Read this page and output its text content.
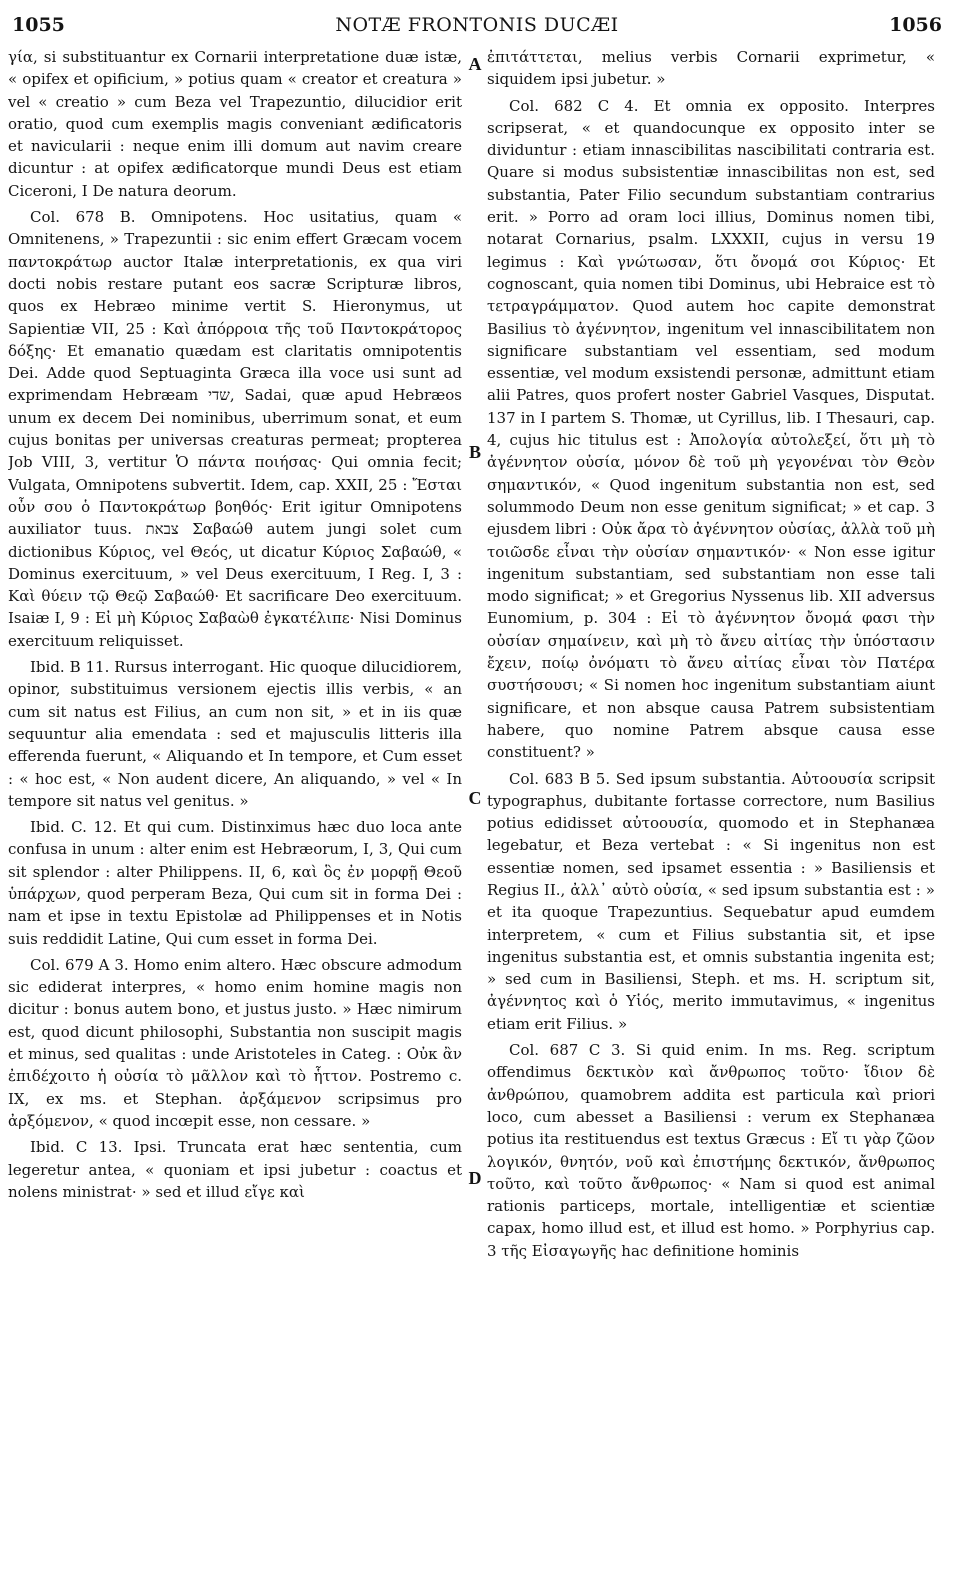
1055	NOTÆ FRONTONIS DUCÆI	1056

γία, si substituantur ex Cornarii interpretatione duæ istæ, « opifex et opificium, » potius quam « creator et creatura » vel « creatio » cum Beza vel Trapezuntio, dilucidior erit oratio, quod cum exemplis magis conveniant ædificatoris et navicularii : neque enim illi domum aut navim creare dicuntur : at opifex ædificatorque mundi Deus est etiam Ciceroni, I De natura deorum.

Col. 678 B. Omnipotens. Hoc usitatius, quam « Omnitenens, » Trapezuntii : sic enim effert Græcam vocem παντοκράτωρ auctor Italæ interpretationis, ex qua viri docti nobis restare putant eos sacræ Scripturæ libros, quos ex Hebræo minime vertit S. Hieronymus, ut Sapientiæ VII, 25 : Καὶ ἀπόρροια τῆς τοῦ Παντοκράτορος δόξης· Et emanatio quædam est claritatis omnipotentis Dei. Adde quod Septuaginta Græca illa voce usi sunt ad exprimendam Hebræam שדי, Sadai, quæ apud Hebræos unum ex decem Dei nominibus, uberrimum sonat, et eum cujus bonitas per universas creaturas permeat; propterea Job VIII, 3, vertitur Ὁ πάντα ποιήσας· Qui omnia fecit; Vulgata, Omnipotens subvertit. Idem, cap. XXII, 25 : Ἔσται οὖν σου ὁ Παντοκράτωρ βοηθός· Erit igitur Omnipotens auxiliator tuus. צבאת Σαβαώθ autem jungi solet cum dictionibus Κύριος, vel Θεός, ut dicatur Κύριος Σαβαώθ, « Dominus exercituum, » vel Deus exercituum, I Reg. I, 3 : Καὶ θύειν τῷ Θεῷ Σαβαώθ· Et sacrificare Deo exercituum. Isaiæ I, 9 : Εἰ μὴ Κύριος Σαβαὼθ ἐγκατέλιπε· Nisi Dominus exercituum reliquisset.

Ibid. B 11. Rursus interrogant. Hic quoque dilucidiorem, opinor, substituimus versionem ejectis illis verbis, « an cum sit natus est Filius, an cum non sit, » et in iis quæ sequuntur alia emendata : sed et majusculis litteris illa efferenda fuerunt, « Aliquando et In tempore, et Cum esset : « hoc est, « Non audent dicere, An aliquando, » vel « In tempore sit natus vel genitus. »

Ibid. C. 12. Et qui cum. Distinximus hæc duo loca ante confusa in unum : alter enim est Hebræorum, I, 3, Qui cum sit splendor : alter Philippens. II, 6, καὶ ὃς ἐν μορφῇ Θεοῦ ὑπάρχων, quod perperam Beza, Qui cum sit in forma Dei : nam et ipse in textu Epistolæ ad Philippenses et in Notis suis reddidit Latine, Qui cum esset in forma Dei.

Col. 679 A 3. Homo enim altero. Hæc obscure admodum sic ediderat interpres, « homo enim homine magis non dicitur : bonus autem bono, et justus justo. » Hæc nimirum est, quod dicunt philosophi, Substantia non suscipit magis et minus, sed qualitas : unde Aristoteles in Categ. : Οὐκ ἂν ἐπιδέχοιτο ἡ οὐσία τὸ μᾶλλον καὶ τὸ ἧττον. Postremo c. IX, ex ms. et Stephan. ἀρξάμενον scripsimus pro ἀρξόμενον, « quod incœpit esse, non cessare. »

Ibid. C 13. Ipsi. Truncata erat hæc sententia, cum legeretur antea, « quoniam et ipsi jubetur : coactus et nolens ministrat· » sed et illud εἴγε καὶ

A
B
C
D

ἐπιτάττεται, melius verbis Cornarii exprimetur, « siquidem ipsi jubetur. »

Col. 682 C 4. Et omnia ex opposito. Interpres scripserat, « et quandocunque ex opposito inter se dividuntur : etiam innascibilitas nascibilitati contraria est. Quare si modus subsistentiæ innascibilitas non est, sed substantia, Pater Filio secundum substantiam contrarius erit. » Porro ad oram loci illius, Dominus nomen tibi, notarat Cornarius, psalm. LXXXII, cujus in versu 19 legimus : Καὶ γνώτωσαν, ὅτι ὄνομά σοι Κύριος· Et cognoscant, quia nomen tibi Dominus, ubi Hebraice est τὸ τετραγράμματον. Quod autem hoc capite demonstrat Basilius τὸ ἀγέννητον, ingenitum vel innascibilitatem non significare substantiam vel essentiam, sed modum essentiæ, vel modum exsistendi personæ, admittunt etiam alii Patres, quos profert noster Gabriel Vasques, Disputat. 137 in I partem S. Thomæ, ut Cyrillus, lib. I Thesauri, cap. 4, cujus hic titulus est : Ἀπολογία αὐτολεξεί, ὅτι μὴ τὸ ἀγέννητον οὐσία, μόνον δὲ τοῦ μὴ γεγονέναι τὸν Θεὸν σημαντικόν, « Quod ingenitum substantia non est, sed solummodo Deum non esse genitum significat; » et cap. 3 ejusdem libri : Οὐκ ἄρα τὸ ἀγέννητον οὐσίας, ἀλλὰ τοῦ μὴ τοιῶσδε εἶναι τὴν οὐσίαν σημαντικόν· « Non esse igitur ingenitum substantiam, sed substantiam non esse tali modo significat; » et Gregorius Nyssenus lib. XII adversus Eunomium, p. 304 : Εἰ τὸ ἀγέννητον ὄνομά φασι τὴν οὐσίαν σημαίνειν, καὶ μὴ τὸ ἄνευ αἰτίας τὴν ὑπόστασιν ἔχειν, ποίῳ ὀνόματι τὸ ἄνευ αἰτίας εἶναι τὸν Πατέρα συστήσουσι; « Si nomen hoc ingenitum substantiam aiunt significare, et non absque causa Patrem subsistentiam habere, quo nomine Patrem absque causa esse constituent? »

Col. 683 B 5. Sed ipsum substantia. Αὐτοουσία scripsit typographus, dubitante fortasse correctore, num Basilius potius edidisset αὐτοουσία, quomodo et in Stephanæa legebatur, et Beza vertebat : « Si ingenitus non est essentiæ nomen, sed ipsamet essentia : » Basiliensis et Regius II., ἀλλ᾽ αὐτὸ οὐσία, « sed ipsum substantia est : » et ita quoque Trapezuntius. Sequebatur apud eumdem interpretem, « cum et Filius substantia sit, et ipse ingenitus substantia est, et omnis substantia ingenita est; » sed cum in Basiliensi, Steph. et ms. H. scriptum sit, ἀγέννητος καὶ ὁ Υἱός, merito immutavimus, « ingenitus etiam erit Filius. »

Col. 687 C 3. Si quid enim. In ms. Reg. scriptum offendimus δεκτικὸν καὶ ἄνθρωπος τοῦτο· ἴδιον δὲ ἀνθρώπου, quamobrem addita est particula καὶ priori loco, cum abesset a Basiliensi : verum ex Stephanæa potius ita restituendus est textus Græcus : Εἴ τι γὰρ ζῶον λογικόν, θνητόν, νοῦ καὶ ἐπιστήμης δεκτικόν, ἄνθρωπος τοῦτο, καὶ τοῦτο ἄνθρωπος· « Nam si quod est animal rationis particeps, mortale, intelligentiæ et scientiæ capax, homo illud est, et illud est homo. » Porphyrius cap. 3 τῆς Εἰσαγωγῆς hac definitione hominis
